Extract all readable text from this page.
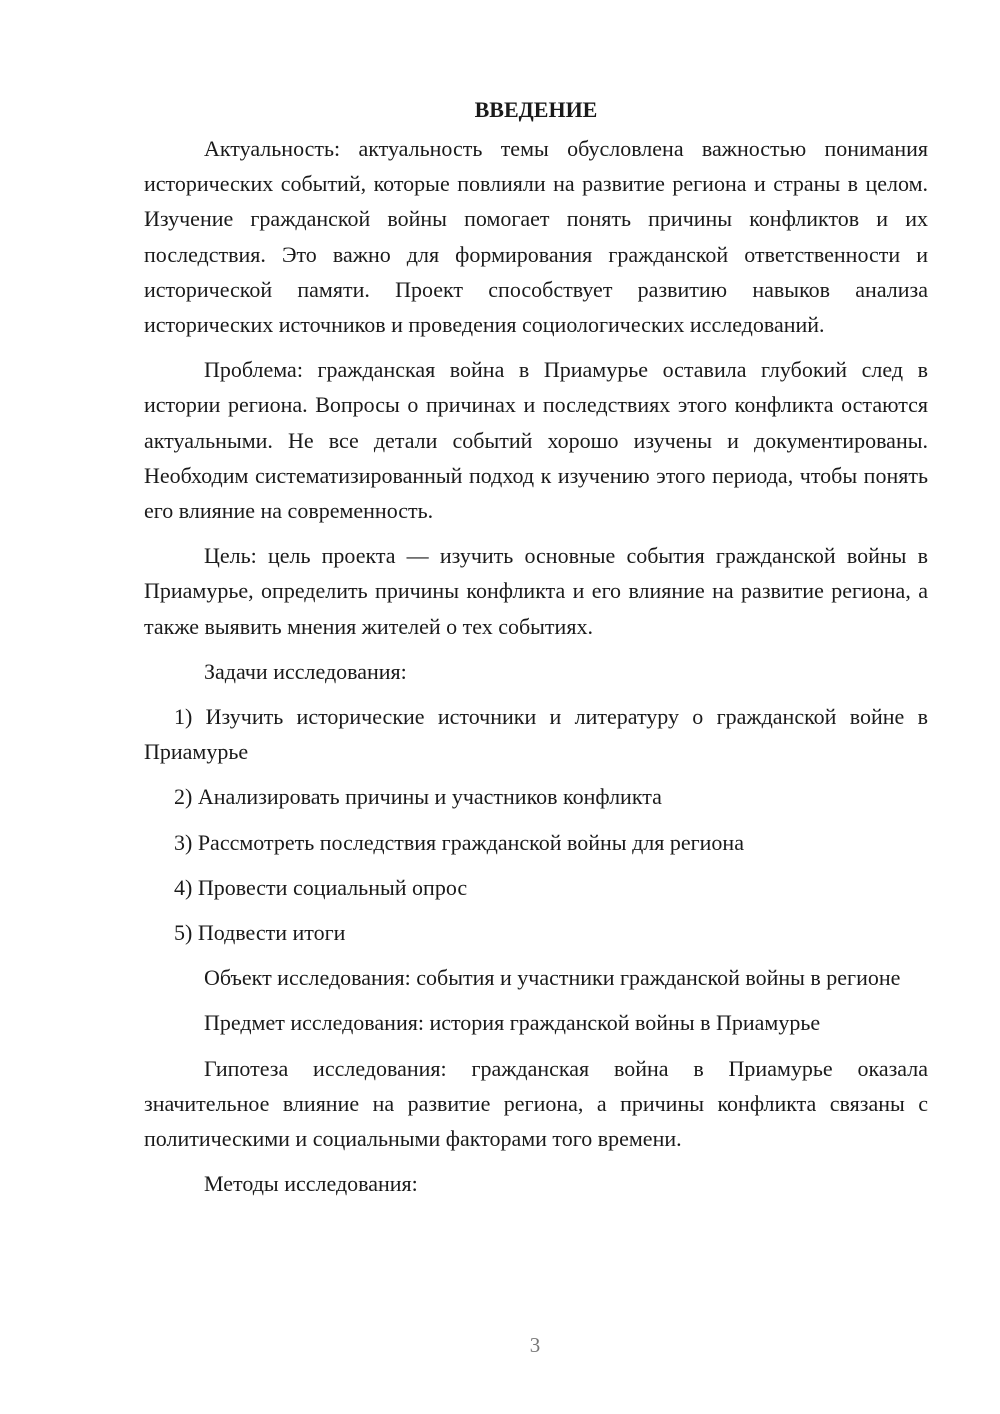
ВВЕДЕНИЕ

Актуальность: актуальность темы обусловлена важностью понимания исторических событий, которые повлияли на развитие региона и страны в целом. Изучение гражданской войны помогает понять причины конфликтов и их последствия. Это важно для формирования гражданской ответственности и исторической памяти. Проект способствует развитию навыков анализа исторических источников и проведения социологических исследований.

Проблема: гражданская война в Приамурье оставила глубокий след в истории региона. Вопросы о причинах и последствиях этого конфликта остаются актуальными. Не все детали событий хорошо изучены и документированы. Необходим систематизированный подход к изучению этого периода, чтобы понять его влияние на современность.

Цель: цель проекта — изучить основные события гражданской войны в Приамурье, определить причины конфликта и его влияние на развитие региона, а также выявить мнения жителей о тех событиях.

Задачи исследования:

1) Изучить исторические источники и литературу о гражданской войне в Приамурье

2) Анализировать причины и участников конфликта

3) Рассмотреть последствия гражданской войны для региона

4) Провести социальный опрос

5) Подвести итоги

Объект исследования: события и участники гражданской войны в регионе

Предмет исследования: история гражданской войны в Приамурье

Гипотеза исследования: гражданская война в Приамурье оказала значительное влияние на развитие региона, а причины конфликта связаны с политическими и социальными факторами того времени.

Методы исследования:

3
